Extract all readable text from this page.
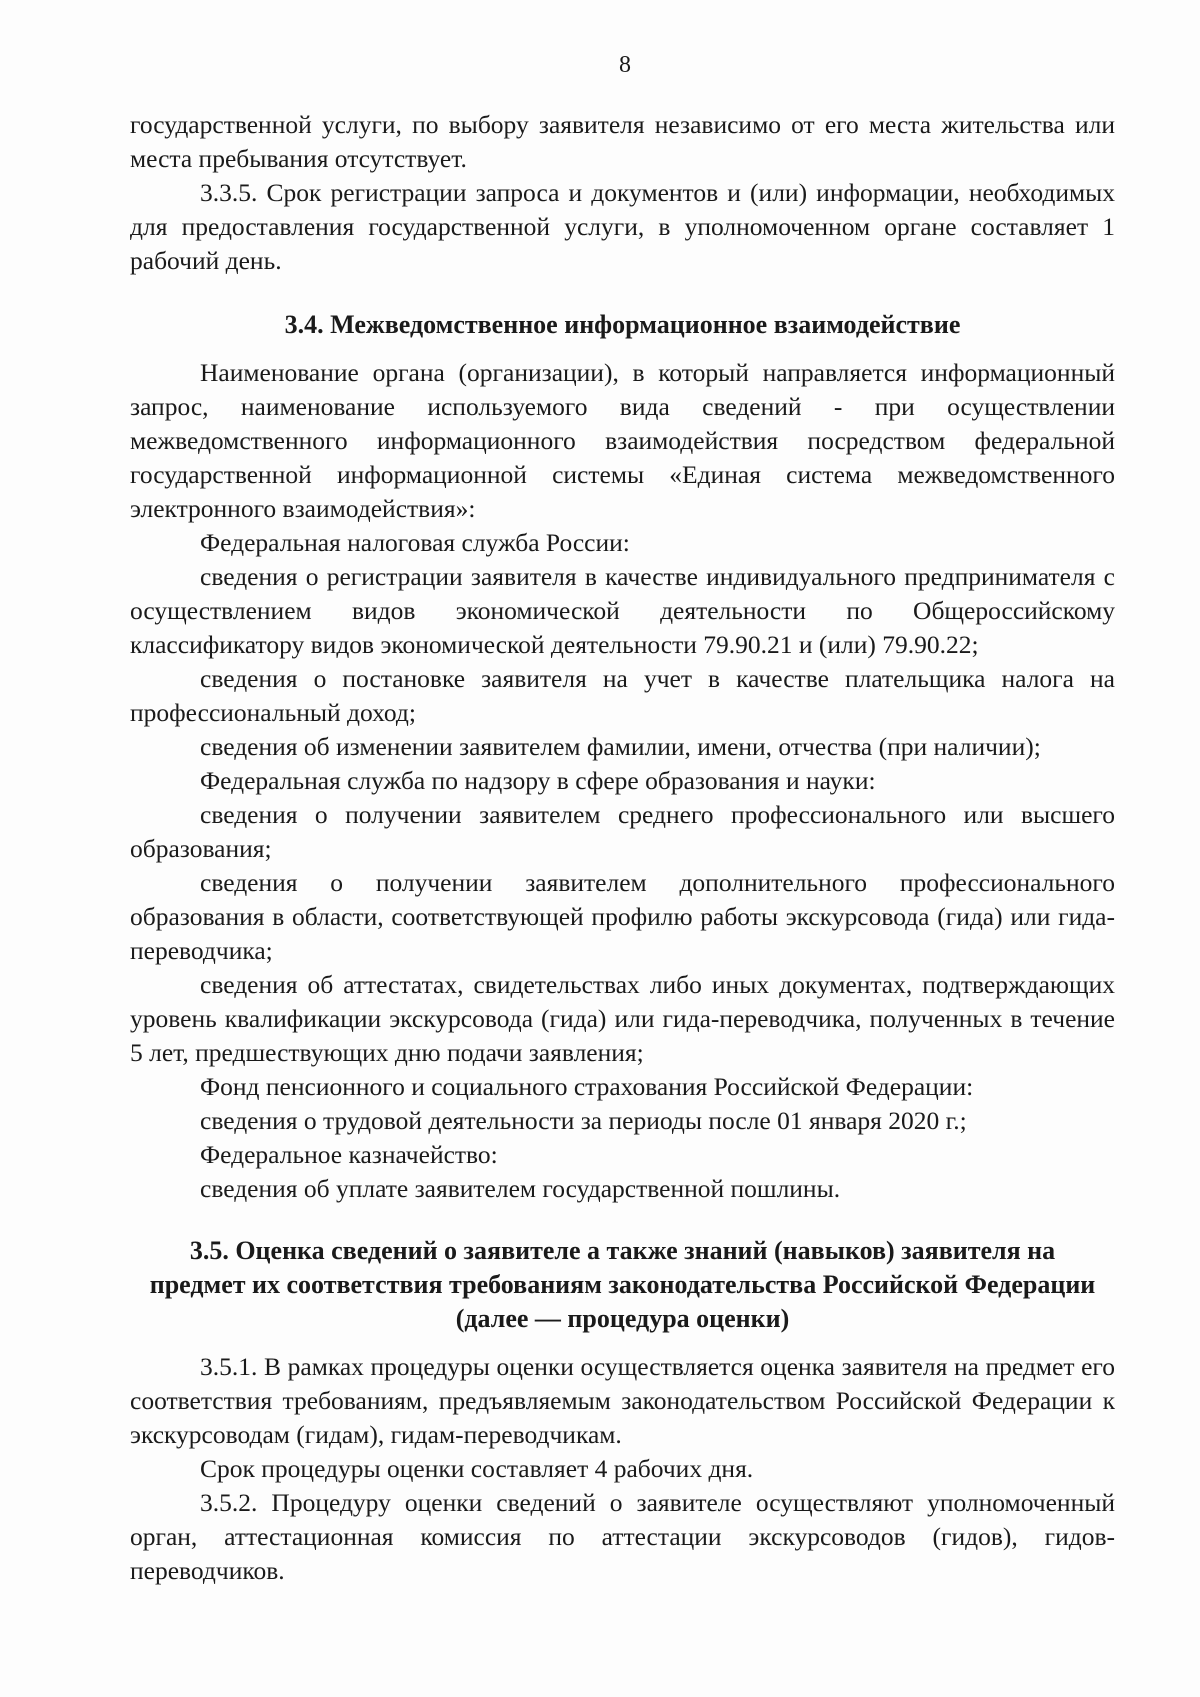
8

государственной услуги, по выбору заявителя независимо от его места жительства или места пребывания отсутствует.

3.3.5. Срок регистрации запроса и документов и (или) информации, необходимых для предоставления государственной услуги, в уполномоченном органе составляет 1 рабочий день.

3.4. Межведомственное информационное взаимодействие

Наименование органа (организации), в который направляется информационный запрос, наименование используемого вида сведений - при осуществлении межведомственного информационного взаимодействия посредством федеральной государственной информационной системы «Единая система межведомственного электронного взаимодействия»:

Федеральная налоговая служба России:

сведения о регистрации заявителя в качестве индивидуального предпринимателя с осуществлением видов экономической деятельности по Общероссийскому классификатору видов экономической деятельности 79.90.21 и (или) 79.90.22;

сведения о постановке заявителя на учет в качестве плательщика налога на профессиональный доход;

сведения об изменении заявителем фамилии, имени, отчества (при наличии);

Федеральная служба по надзору в сфере образования и науки:

сведения о получении заявителем среднего профессионального или высшего образования;

сведения о получении заявителем дополнительного профессионального образования в области, соответствующей профилю работы экскурсовода (гида) или гида-переводчика;

сведения об аттестатах, свидетельствах либо иных документах, подтверждающих уровень квалификации экскурсовода (гида) или гида-переводчика, полученных в течение 5 лет, предшествующих дню подачи заявления;

Фонд пенсионного и социального страхования Российской Федерации:

сведения о трудовой деятельности за периоды после 01 января 2020 г.;

Федеральное казначейство:

сведения об уплате заявителем государственной пошлины.

3.5. Оценка сведений о заявителе а также знаний (навыков) заявителя на предмет их соответствия требованиям законодательства Российской Федерации (далее — процедура оценки)

3.5.1. В рамках процедуры оценки осуществляется оценка заявителя на предмет его соответствия требованиям, предъявляемым законодательством Российской Федерации к экскурсоводам (гидам), гидам-переводчикам.

Срок процедуры оценки составляет 4 рабочих дня.

3.5.2. Процедуру оценки сведений о заявителе осуществляют уполномоченный орган, аттестационная комиссия по аттестации экскурсоводов (гидов), гидов-переводчиков.
